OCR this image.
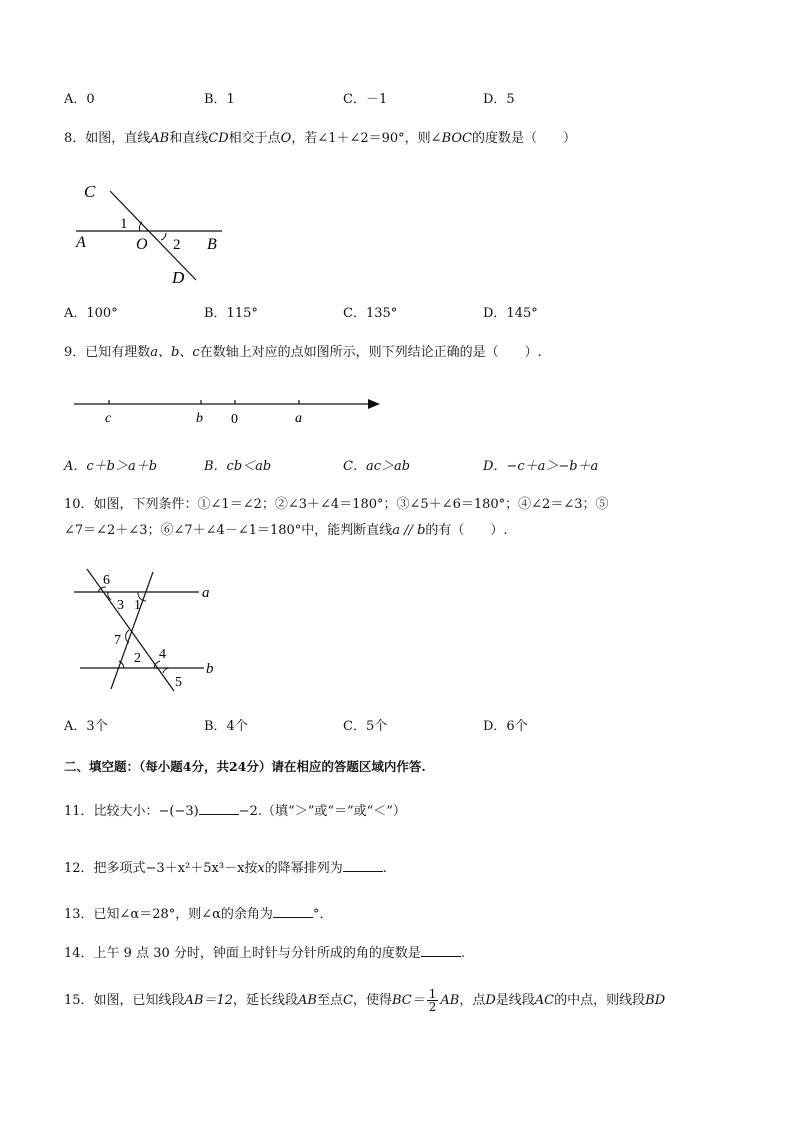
A．0	B．1	C．－1	D．5
8．如图，直线AB和直线CD相交于点O，若∠1＋∠2＝90°，则∠BOC的度数是（　　）
C
1
A	O 2 B
D
A．100°	B．115°	C．135°	D．145°
9．已知有理数a、b、c在数轴上对应的点如图所示，则下列结论正确的是（　　）.
c	b 0	a
A．c＋b＞a＋b	B．cb＜ab	C．ac＞ab	D．−c＋a＞−b＋a
10．如图，下列条件：①∠1＝∠2；②∠3＋∠4＝180°；③∠5＋∠6＝180°；④∠2＝∠3；⑤
∠7＝∠2＋∠3；⑥∠7＋∠4－∠1＝180°中，能判断直线a // b的有（　　）.
6
3 1
a
7
2 4
b
5
A．3个	B．4个	C．5个	D．6个
二、填空题：（每小题4分，共24分）请在相应的答题区域内作答.
11．比较大小：−(−3)	−2.（填“＞”或“＝”或“＜”）
12．把多项式−3＋x²＋5x³－x按x的降幂排列为	.
13．已知∠α＝28°，则∠α的余角为	°．
14．上午 9 点 30 分时，钟面上时针与分针所成的角的度数是	.
15．如图，已知线段AB＝12，延长线段AB至点C，使得$BC= \frac{1}{2}$ AB，点D是线段AC的中点，则线段BD
